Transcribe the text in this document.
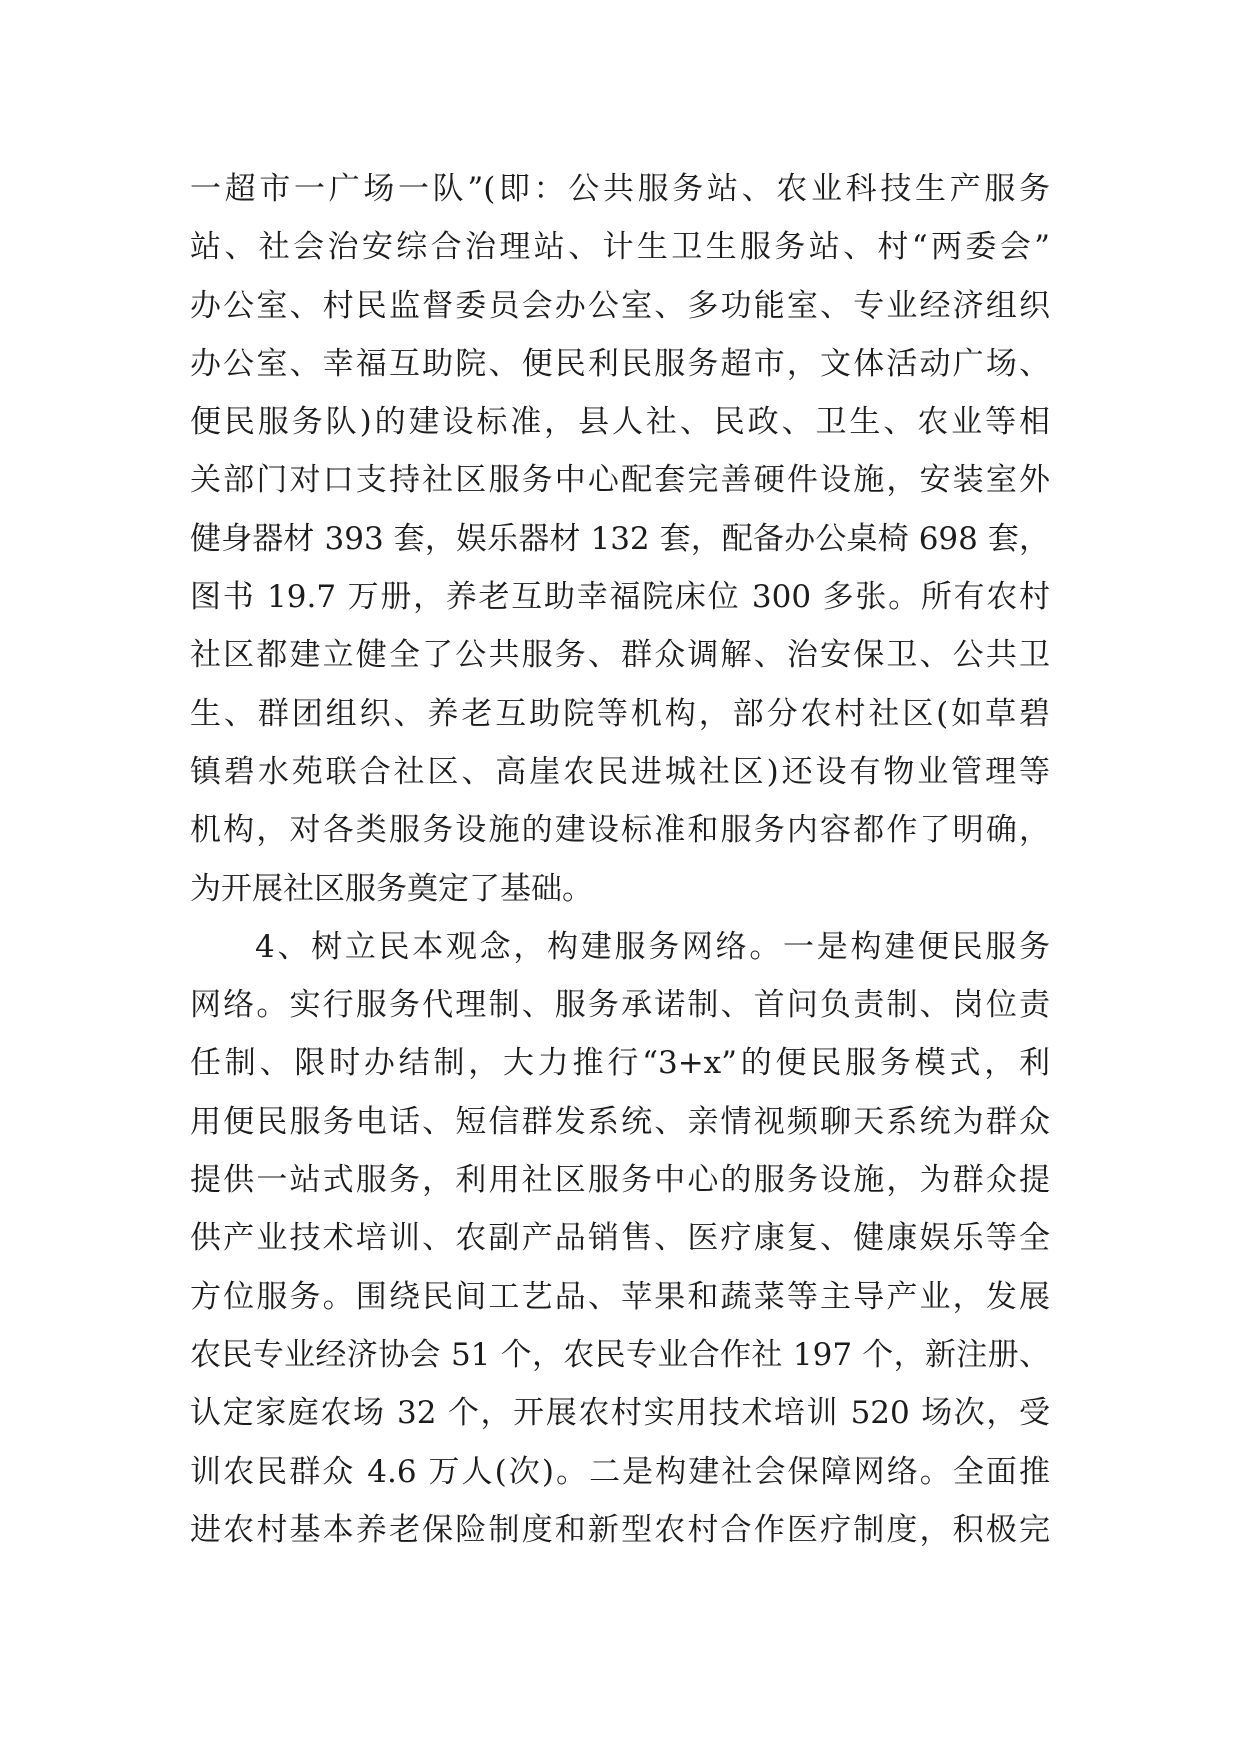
一超市一广场一队”(即：公共服务站、农业科技生产服务
站、社会治安综合治理站、计生卫生服务站、村“两委会”
办公室、村民监督委员会办公室、多功能室、专业经济组织
办公室、幸福互助院、便民利民服务超市，文体活动广场、
便民服务队)的建设标准，县人社、民政、卫生、农业等相
关部门对口支持社区服务中心配套完善硬件设施，安装室外
健身器材 393 套，娱乐器材 132 套，配备办公桌椅 698 套，
图书 19.7 万册，养老互助幸福院床位 300 多张。所有农村
社区都建立健全了公共服务、群众调解、治安保卫、公共卫
生、群团组织、养老互助院等机构，部分农村社区(如草碧
镇碧水苑联合社区、高崖农民进城社区)还设有物业管理等
机构，对各类服务设施的建设标准和服务内容都作了明确，
为开展社区服务奠定了基础。
4、树立民本观念，构建服务网络。一是构建便民服务
网络。实行服务代理制、服务承诺制、首问负责制、岗位责
任制、限时办结制，大力推行“3+x”的便民服务模式，利
用便民服务电话、短信群发系统、亲情视频聊天系统为群众
提供一站式服务，利用社区服务中心的服务设施，为群众提
供产业技术培训、农副产品销售、医疗康复、健康娱乐等全
方位服务。围绕民间工艺品、苹果和蔬菜等主导产业，发展
农民专业经济协会 51 个，农民专业合作社 197 个，新注册、
认定家庭农场 32 个，开展农村实用技术培训 520 场次，受
训农民群众 4.6 万人(次)。二是构建社会保障网络。全面推
进农村基本养老保险制度和新型农村合作医疗制度，积极完
